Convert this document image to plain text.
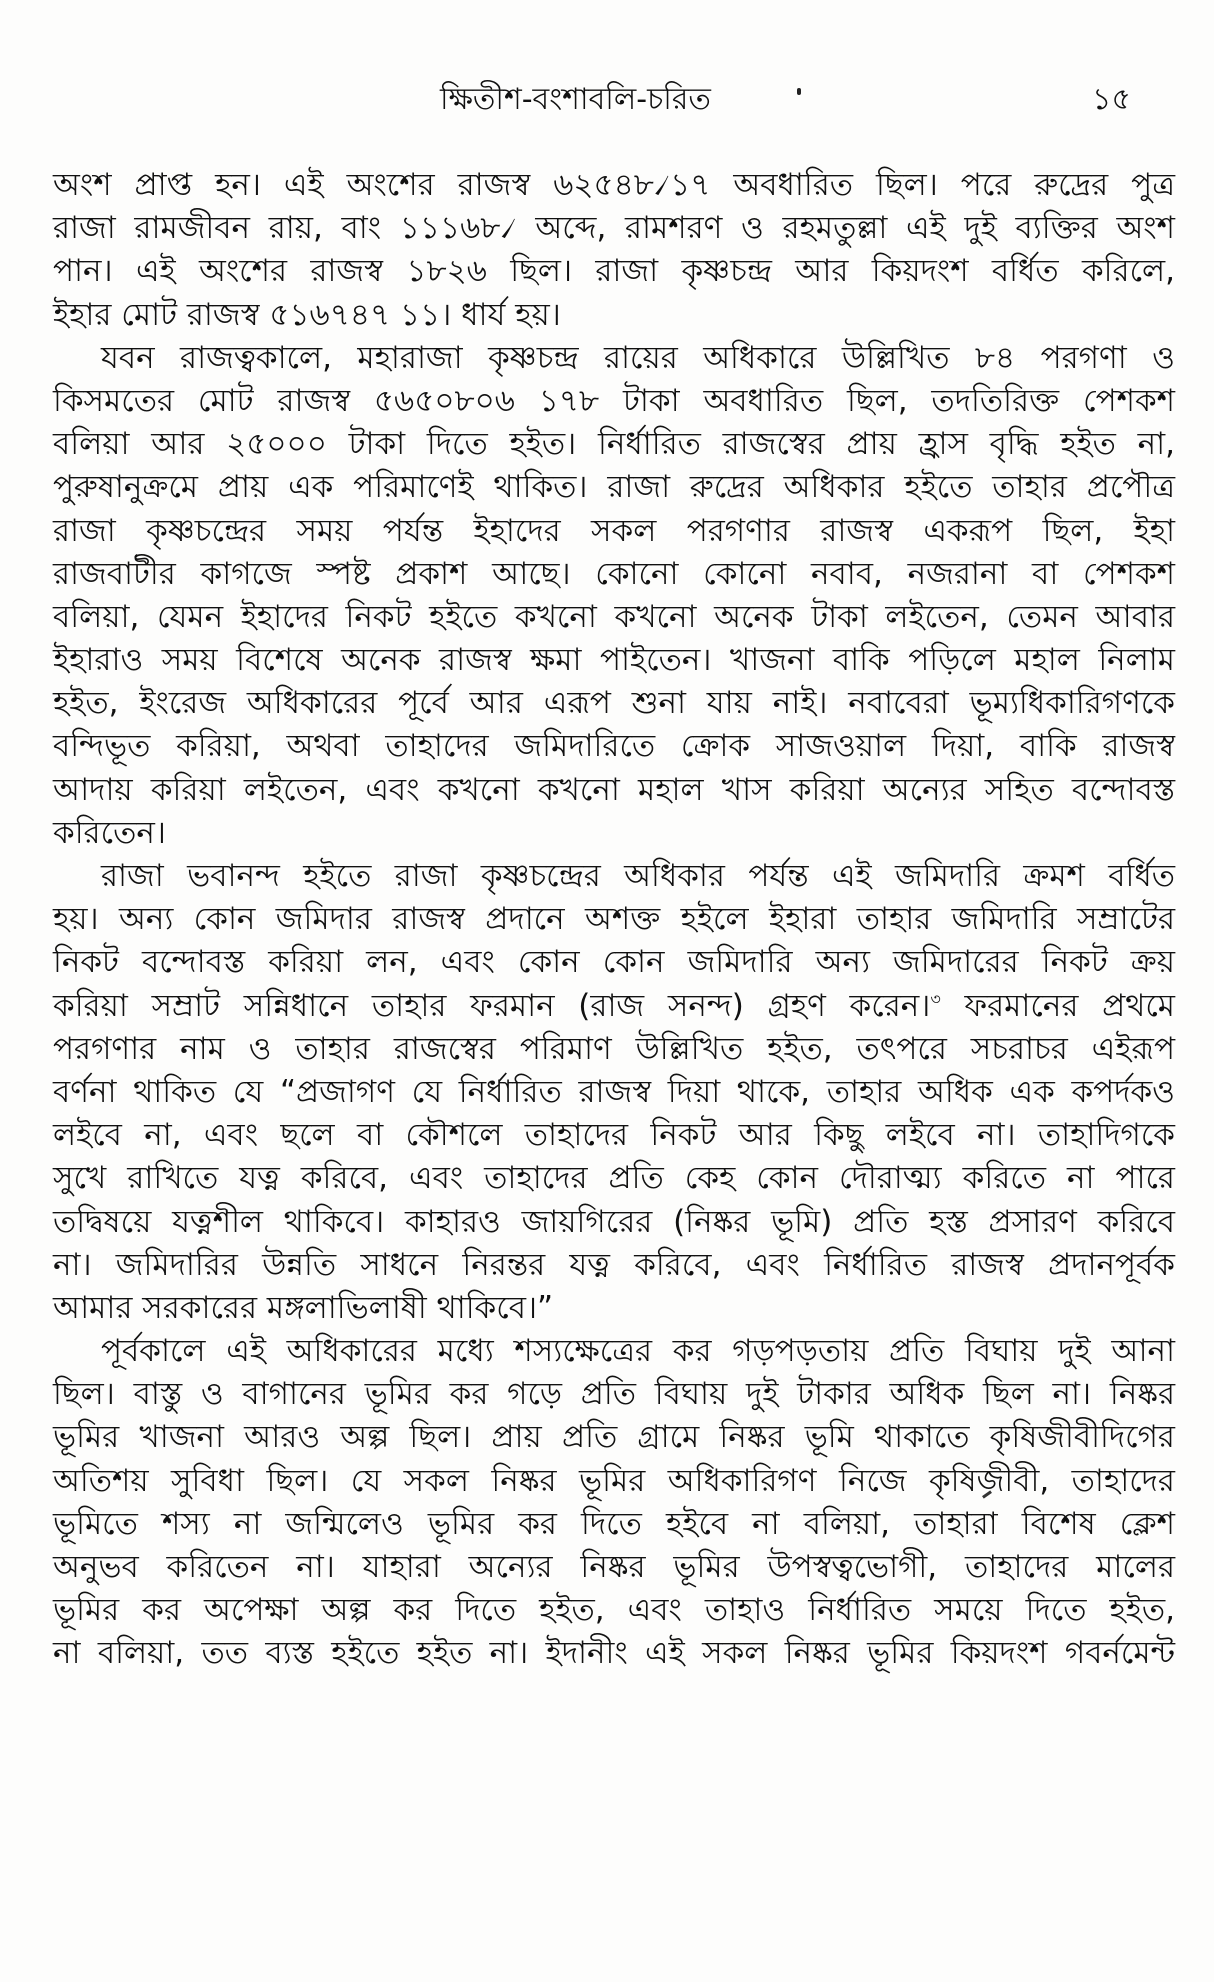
ক্ষিতীশ-বংশাবলি-চরিত	১৫
অংশ প্রাপ্ত হন। এই অংশের রাজস্ব ৬২৫৪৮৴১৭ অবধারিত ছিল। পরে রুদ্রের পুত্র
রাজা রামজীবন রায়, বাং ১১১৬৮৴ অব্দে, রামশরণ ও রহমতুল্লা এই দুই ব্যক্তির অংশ
পান। এই অংশের রাজস্ব ১৮২৬ ছিল। রাজা কৃষ্ণচন্দ্র আর কিয়দংশ বর্ধিত করিলে,
ইহার মোট রাজস্ব ৫১৬৭৪৭ ১১। ধার্য হয়।
যবন রাজত্বকালে, মহারাজা কৃষ্ণচন্দ্র রায়ের অধিকারে উল্লিখিত ৮৪ পরগণা ও
কিসমতের মোট রাজস্ব ৫৬৫০৮০৬ ১৭৮ টাকা অবধারিত ছিল, তদতিরিক্ত পেশকশ
বলিয়া আর ২৫০০০ টাকা দিতে হইত। নির্ধারিত রাজস্বের প্রায় হ্রাস বৃদ্ধি হইত না,
পুরুষানুক্রমে প্রায় এক পরিমাণেই থাকিত। রাজা রুদ্রের অধিকার হইতে তাহার প্রপৌত্র
রাজা কৃষ্ণচন্দ্রের সময় পর্যন্ত ইহাদের সকল পরগণার রাজস্ব একরূপ ছিল, ইহা
রাজবাটীর কাগজে স্পষ্ট প্রকাশ আছে। কোনো কোনো নবাব, নজরানা বা পেশকশ
বলিয়া, যেমন ইহাদের নিকট হইতে কখনো কখনো অনেক টাকা লইতেন, তেমন আবার
ইহারাও সময় বিশেষে অনেক রাজস্ব ক্ষমা পাইতেন। খাজনা বাকি পড়িলে মহাল নিলাম
হইত, ইংরেজ অধিকারের পূর্বে আর এরূপ শুনা যায় নাই। নবাবেরা ভূম্যধিকারিগণকে
বন্দিভূত করিয়া, অথবা তাহাদের জমিদারিতে ক্রোক সাজওয়াল দিয়া, বাকি রাজস্ব
আদায় করিয়া লইতেন, এবং কখনো কখনো মহাল খাস করিয়া অন্যের সহিত বন্দোবস্ত
করিতেন।
রাজা ভবানন্দ হইতে রাজা কৃষ্ণচন্দ্রের অধিকার পর্যন্ত এই জমিদারি ক্রমশ বর্ধিত
হয়। অন্য কোন জমিদার রাজস্ব প্রদানে অশক্ত হইলে ইহারা তাহার জমিদারি সম্রাটের
নিকট বন্দোবস্ত করিয়া লন, এবং কোন কোন জমিদারি অন্য জমিদারের নিকট ক্রয়
করিয়া সম্রাট সন্নিধানে তাহার ফরমান (রাজ সনন্দ) গ্রহণ করেন।$^৩$ ফরমানের প্রথমে
পরগণার নাম ও তাহার রাজস্বের পরিমাণ উল্লিখিত হইত, তৎপরে সচরাচর এইরূপ
বর্ণনা থাকিত যে “প্রজাগণ যে নির্ধারিত রাজস্ব দিয়া থাকে, তাহার অধিক এক কপর্দকও
লইবে না, এবং ছলে বা কৌশলে তাহাদের নিকট আর কিছু লইবে না। তাহাদিগকে
সুখে রাখিতে যত্ন করিবে, এবং তাহাদের প্রতি কেহ কোন দৌরাত্ম্য করিতে না পারে
তদ্বিষয়ে যত্নশীল থাকিবে। কাহারও জায়গিরের (নিষ্কর ভূমি) প্রতি হস্ত প্রসারণ করিবে
না। জমিদারির উন্নতি সাধনে নিরন্তর যত্ন করিবে, এবং নির্ধারিত রাজস্ব প্রদানপূর্বক
আমার সরকারের মঙ্গলাভিলাষী থাকিবে।”
পূর্বকালে এই অধিকারের মধ্যে শস্যক্ষেত্রের কর গড়পড়তায় প্রতি বিঘায় দুই আনা
ছিল। বাস্তু ও বাগানের ভূমির কর গড়ে প্রতি বিঘায় দুই টাকার অধিক ছিল না। নিষ্কর
ভূমির খাজনা আরও অল্প ছিল। প্রায় প্রতি গ্রামে নিষ্কর ভূমি থাকাতে কৃষিজীবীদিগের
অতিশয় সুবিধা ছিল। যে সকল নিষ্কর ভূমির অধিকারিগণ নিজে কৃষিজীবী, তাহাদের
ভূমিতে শস্য না জন্মিলেও ভূমির কর দিতে হইবে না বলিয়া, তাহারা বিশেষ ক্লেশ
অনুভব করিতেন না। যাহারা অন্যের নিষ্কর ভূমির উপস্বত্বভোগী, তাহাদের মালের
ভূমির কর অপেক্ষা অল্প কর দিতে হইত, এবং তাহাও নির্ধারিত সময়ে দিতে হইত,
না বলিয়া, তত ব্যস্ত হইতে হইত না। ইদানীং এই সকল নিষ্কর ভূমির কিয়দংশ গবর্নমেন্ট
